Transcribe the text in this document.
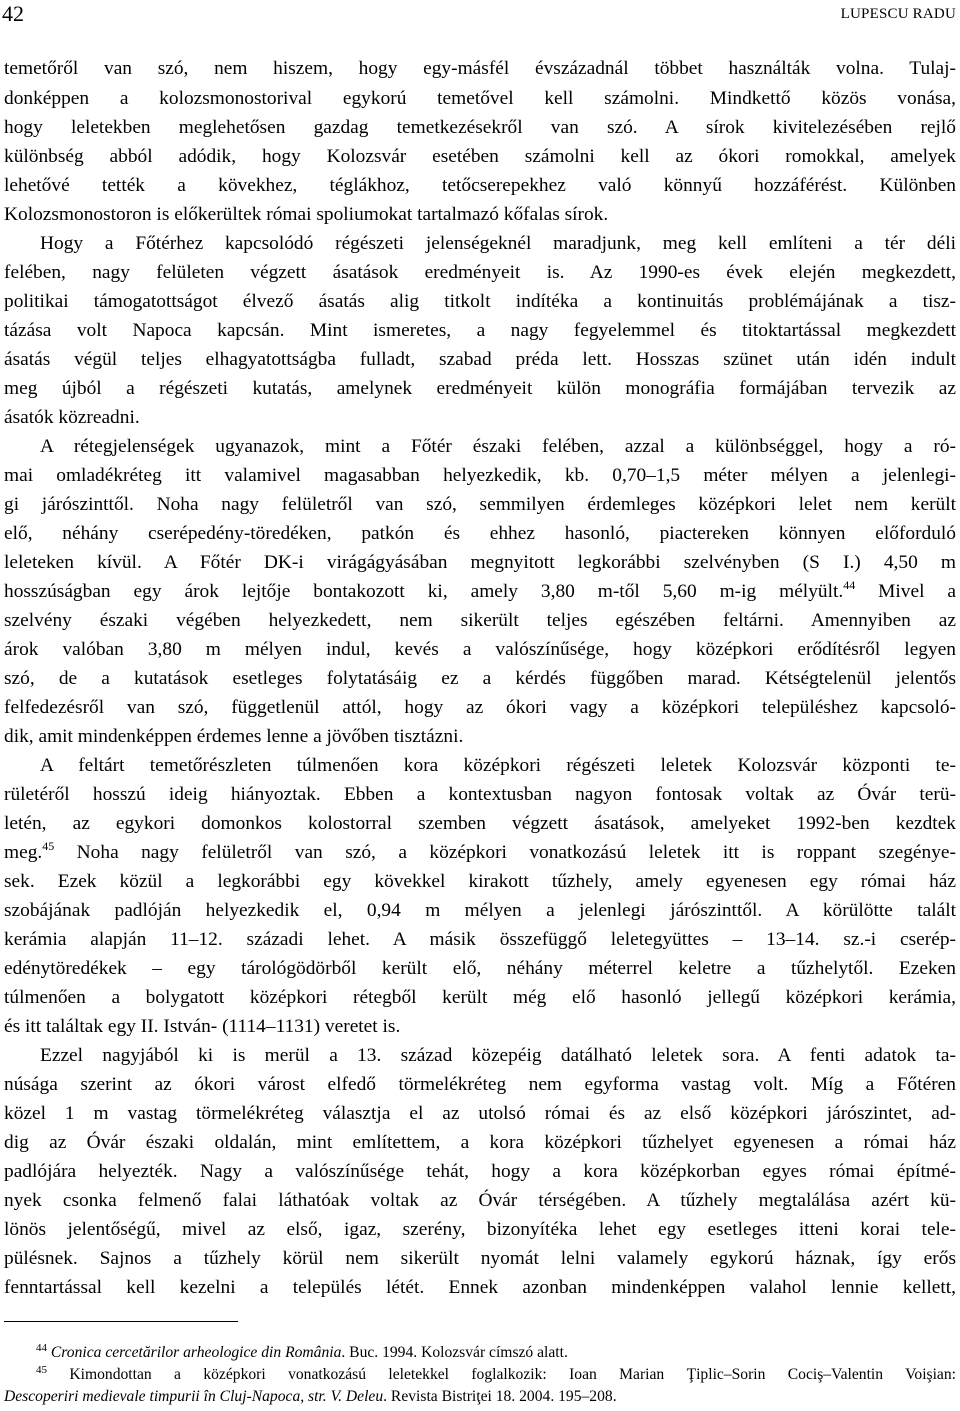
42	LUPESCU RADU
temetőről van szó, nem hiszem, hogy egy-másfél évszázadnál többet használták volna. Tulaj-
donképpen a kolozsmonostorival egykorú temetővel kell számolni. Mindkettő közös vonása,
hogy leletekben meglehetősen gazdag temetkezésekről van szó. A sírok kivitelezésében rejlő
különbség abból adódik, hogy Kolozsvár esetében számolni kell az ókori romokkal, amelyek
lehetővé tették a kövekhez, téglákhoz, tetőcserepekhez való könnyű hozzáférést. Különben
Kolozsmonostoron is előkerültek római spoliumokat tartalmazó kőfalas sírok.
Hogy a Főtérhez kapcsolódó régészeti jelenségeknél maradjunk, meg kell említeni a tér déli
felében, nagy felületen végzett ásatások eredményeit is. Az 1990-es évek elején megkezdett,
politikai támogatottságot élvező ásatás alig titkolt indítéka a kontinuitás problémájának a tisz-
tázása volt Napoca kapcsán. Mint ismeretes, a nagy fegyelemmel és titoktartással megkezdett
ásatás végül teljes elhagyatottságba fulladt, szabad préda lett. Hosszas szünet után idén indult
meg újból a régészeti kutatás, amelynek eredményeit külön monográfia formájában tervezik az
ásatók közreadni.
A rétegjelenségek ugyanazok, mint a Főtér északi felében, azzal a különbséggel, hogy a ró-
mai omladékréteg itt valamivel magasabban helyezkedik, kb. 0,70–1,5 méter mélyen a jelenlegi-
gi járószinttől. Noha nagy felületről van szó, semmilyen érdemleges középkori lelet nem került
elő, néhány cserépedény-töredéken, patkón és ehhez hasonló, piactereken könnyen előforduló
leleteken kívül. A Főtér DK-i virágágyásában megnyitott legkorábbi szelvényben (S I.) 4,50 m
hosszúságban egy árok lejtője bontakozott ki, amely 3,80 m-től 5,60 m-ig mélyült.$^{44}$ Mivel a
szelvény északi végében helyezkedett, nem sikerült teljes egészében feltárni. Amennyiben az
árok valóban 3,80 m mélyen indul, kevés a valószínűsége, hogy középkori erődítésről legyen
szó, de a kutatások esetleges folytatásáig ez a kérdés függőben marad. Kétségtelenül jelentős
felfedezésről van szó, függetlenül attól, hogy az ókori vagy a középkori településhez kapcsoló-
dik, amit mindenképpen érdemes lenne a jövőben tisztázni.
A feltárt temetőrészleten túlmenően kora középkori régészeti leletek Kolozsvár központi te-
rületéről hosszú ideig hiányoztak. Ebben a kontextusban nagyon fontosak voltak az Óvár terü-
letén, az egykori domonkos kolostorral szemben végzett ásatások, amelyeket 1992-ben kezdtek
meg.$^{45}$ Noha nagy felületről van szó, a középkori vonatkozású leletek itt is roppant szegénye-
sek. Ezek közül a legkorábbi egy kövekkel kirakott tűzhely, amely egyenesen egy római ház
szobájának padlóján helyezkedik el, 0,94 m mélyen a jelenlegi járószinttől. A körülötte talált
kerámia alapján 11–12. századi lehet. A másik összefüggő leletegyüttes – 13–14. sz.-i cserép-
edénytöredékek – egy tárológödörből került elő, néhány méterrel keletre a tűzhelytől. Ezeken
túlmenően a bolygatott középkori rétegből került még elő hasonló jellegű középkori kerámia,
és itt találtak egy II. István- (1114–1131) veretet is.
Ezzel nagyjából ki is merül a 13. század közepéig datálható leletek sora. A fenti adatok ta-
núsága szerint az ókori várost elfedő törmelékréteg nem egyforma vastag volt. Míg a Főtéren
közel 1 m vastag törmelékréteg választja el az utolsó római és az első középkori járószintet, ad-
dig az Óvár északi oldalán, mint említettem, a kora középkori tűzhelyet egyenesen a római ház
padlójára helyezték. Nagy a valószínűsége tehát, hogy a kora középkorban egyes római építmé-
nyek csonka felmenő falai láthatóak voltak az Óvár térségében. A tűzhely megtalálása azért kü-
lönös jelentőségű, mivel az első, igaz, szerény, bizonyítéka lehet egy esetleges itteni korai tele-
pülésnek. Sajnos a tűzhely körül nem sikerült nyomát lelni valamely egykorú háznak, így erős
fenntartással kell kezelni a település létét. Ennek azonban mindenképpen valahol lennie kellett,
$^{44}$ Cronica cercetărilor arheologice din România. Buc. 1994. Kolozsvár címszó alatt.
$^{45}$ Kimondottan a középkori vonatkozású leletekkel foglalkozik: Ioan Marian Ţiplic–Sorin Cociş–Valentin Voişian:
Descoperiri medievale timpurii în Cluj-Napoca, str. V. Deleu. Revista Bistriţei 18. 2004. 195–208.
